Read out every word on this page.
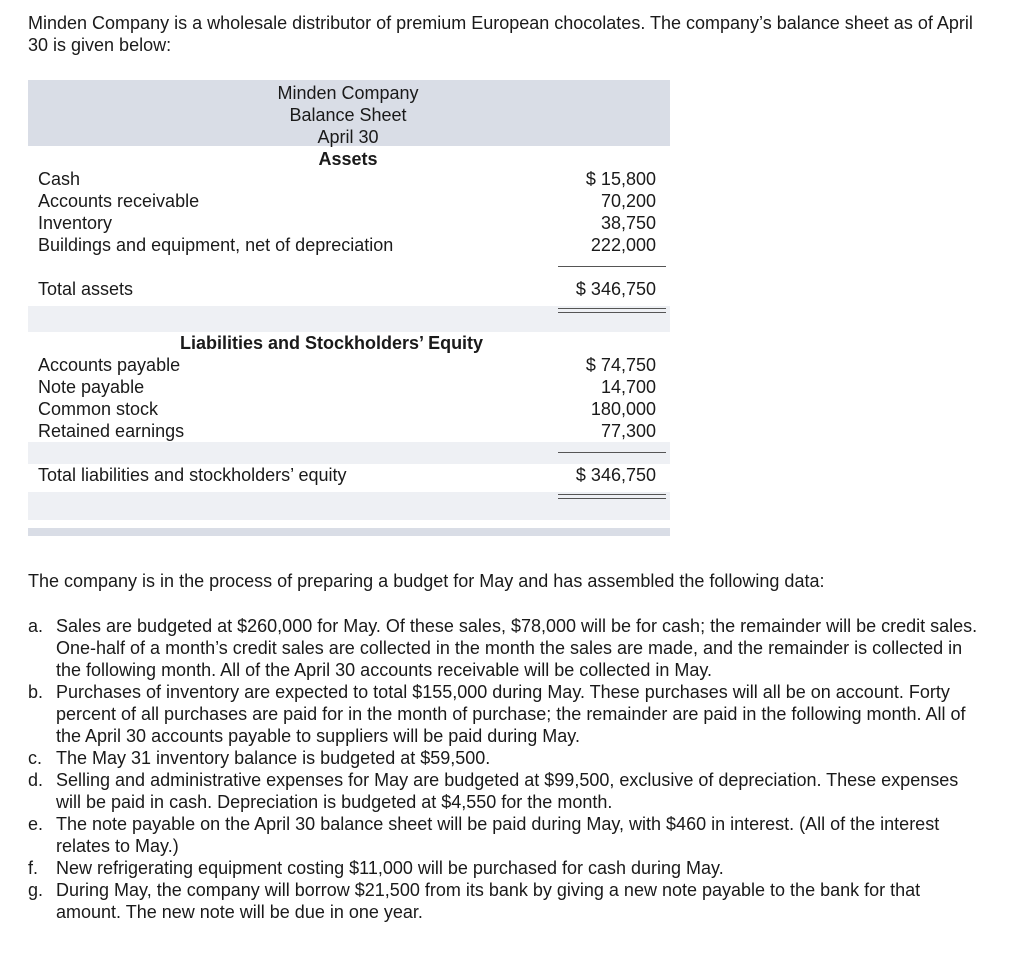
Minden Company is a wholesale distributor of premium European chocolates. The company’s balance sheet as of April 30 is given below:

Minden Company
Balance Sheet
April 30
Assets
Cash	$ 15,800
Accounts receivable	70,200
Inventory	38,750
Buildings and equipment, net of depreciation	222,000
Total assets	$ 346,750
Liabilities and Stockholders’ Equity
Accounts payable	$ 74,750
Note payable	14,700
Common stock	180,000
Retained earnings	77,300
Total liabilities and stockholders’ equity	$ 346,750

The company is in the process of preparing a budget for May and has assembled the following data:

a. Sales are budgeted at $260,000 for May. Of these sales, $78,000 will be for cash; the remainder will be credit sales. One-half of a month’s credit sales are collected in the month the sales are made, and the remainder is collected in the following month. All of the April 30 accounts receivable will be collected in May.
b. Purchases of inventory are expected to total $155,000 during May. These purchases will all be on account. Forty percent of all purchases are paid for in the month of purchase; the remainder are paid in the following month. All of the April 30 accounts payable to suppliers will be paid during May.
c. The May 31 inventory balance is budgeted at $59,500.
d. Selling and administrative expenses for May are budgeted at $99,500, exclusive of depreciation. These expenses will be paid in cash. Depreciation is budgeted at $4,550 for the month.
e. The note payable on the April 30 balance sheet will be paid during May, with $460 in interest. (All of the interest relates to May.)
f. New refrigerating equipment costing $11,000 will be purchased for cash during May.
g. During May, the company will borrow $21,500 from its bank by giving a new note payable to the bank for that amount. The new note will be due in one year.
